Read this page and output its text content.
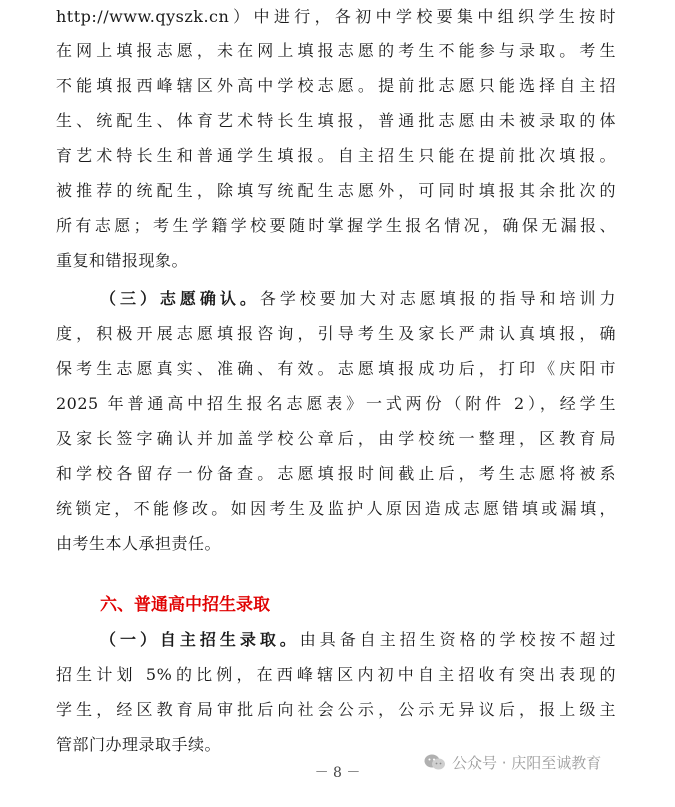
http://www.qyszk.cn）中进行，各初中学校要集中组织学生按时
在网上填报志愿，未在网上填报志愿的考生不能参与录取。考生
不能填报西峰辖区外高中学校志愿。提前批志愿只能选择自主招
生、统配生、体育艺术特长生填报，普通批志愿由未被录取的体
育艺术特长生和普通学生填报。自主招生只能在提前批次填报。
被推荐的统配生，除填写统配生志愿外，可同时填报其余批次的
所有志愿；考生学籍学校要随时掌握学生报名情况，确保无漏报、
重复和错报现象。
（三）志愿确认。各学校要加大对志愿填报的指导和培训力
度，积极开展志愿填报咨询，引导考生及家长严肃认真填报，确
保考生志愿真实、准确、有效。志愿填报成功后，打印《庆阳市
2025 年普通高中招生报名志愿表》一式两份（附件 2），经学生
及家长签字确认并加盖学校公章后，由学校统一整理，区教育局
和学校各留存一份备查。志愿填报时间截止后，考生志愿将被系
统锁定，不能修改。如因考生及监护人原因造成志愿错填或漏填，
由考生本人承担责任。
六、普通高中招生录取
（一）自主招生录取。由具备自主招生资格的学校按不超过
招生计划 5%的比例，在西峰辖区内初中自主招收有突出表现的
学生，经区教育局审批后向社会公示，公示无异议后，报上级主
管部门办理录取手续。
－ 8 －
公众号 · 庆阳至诚教育
